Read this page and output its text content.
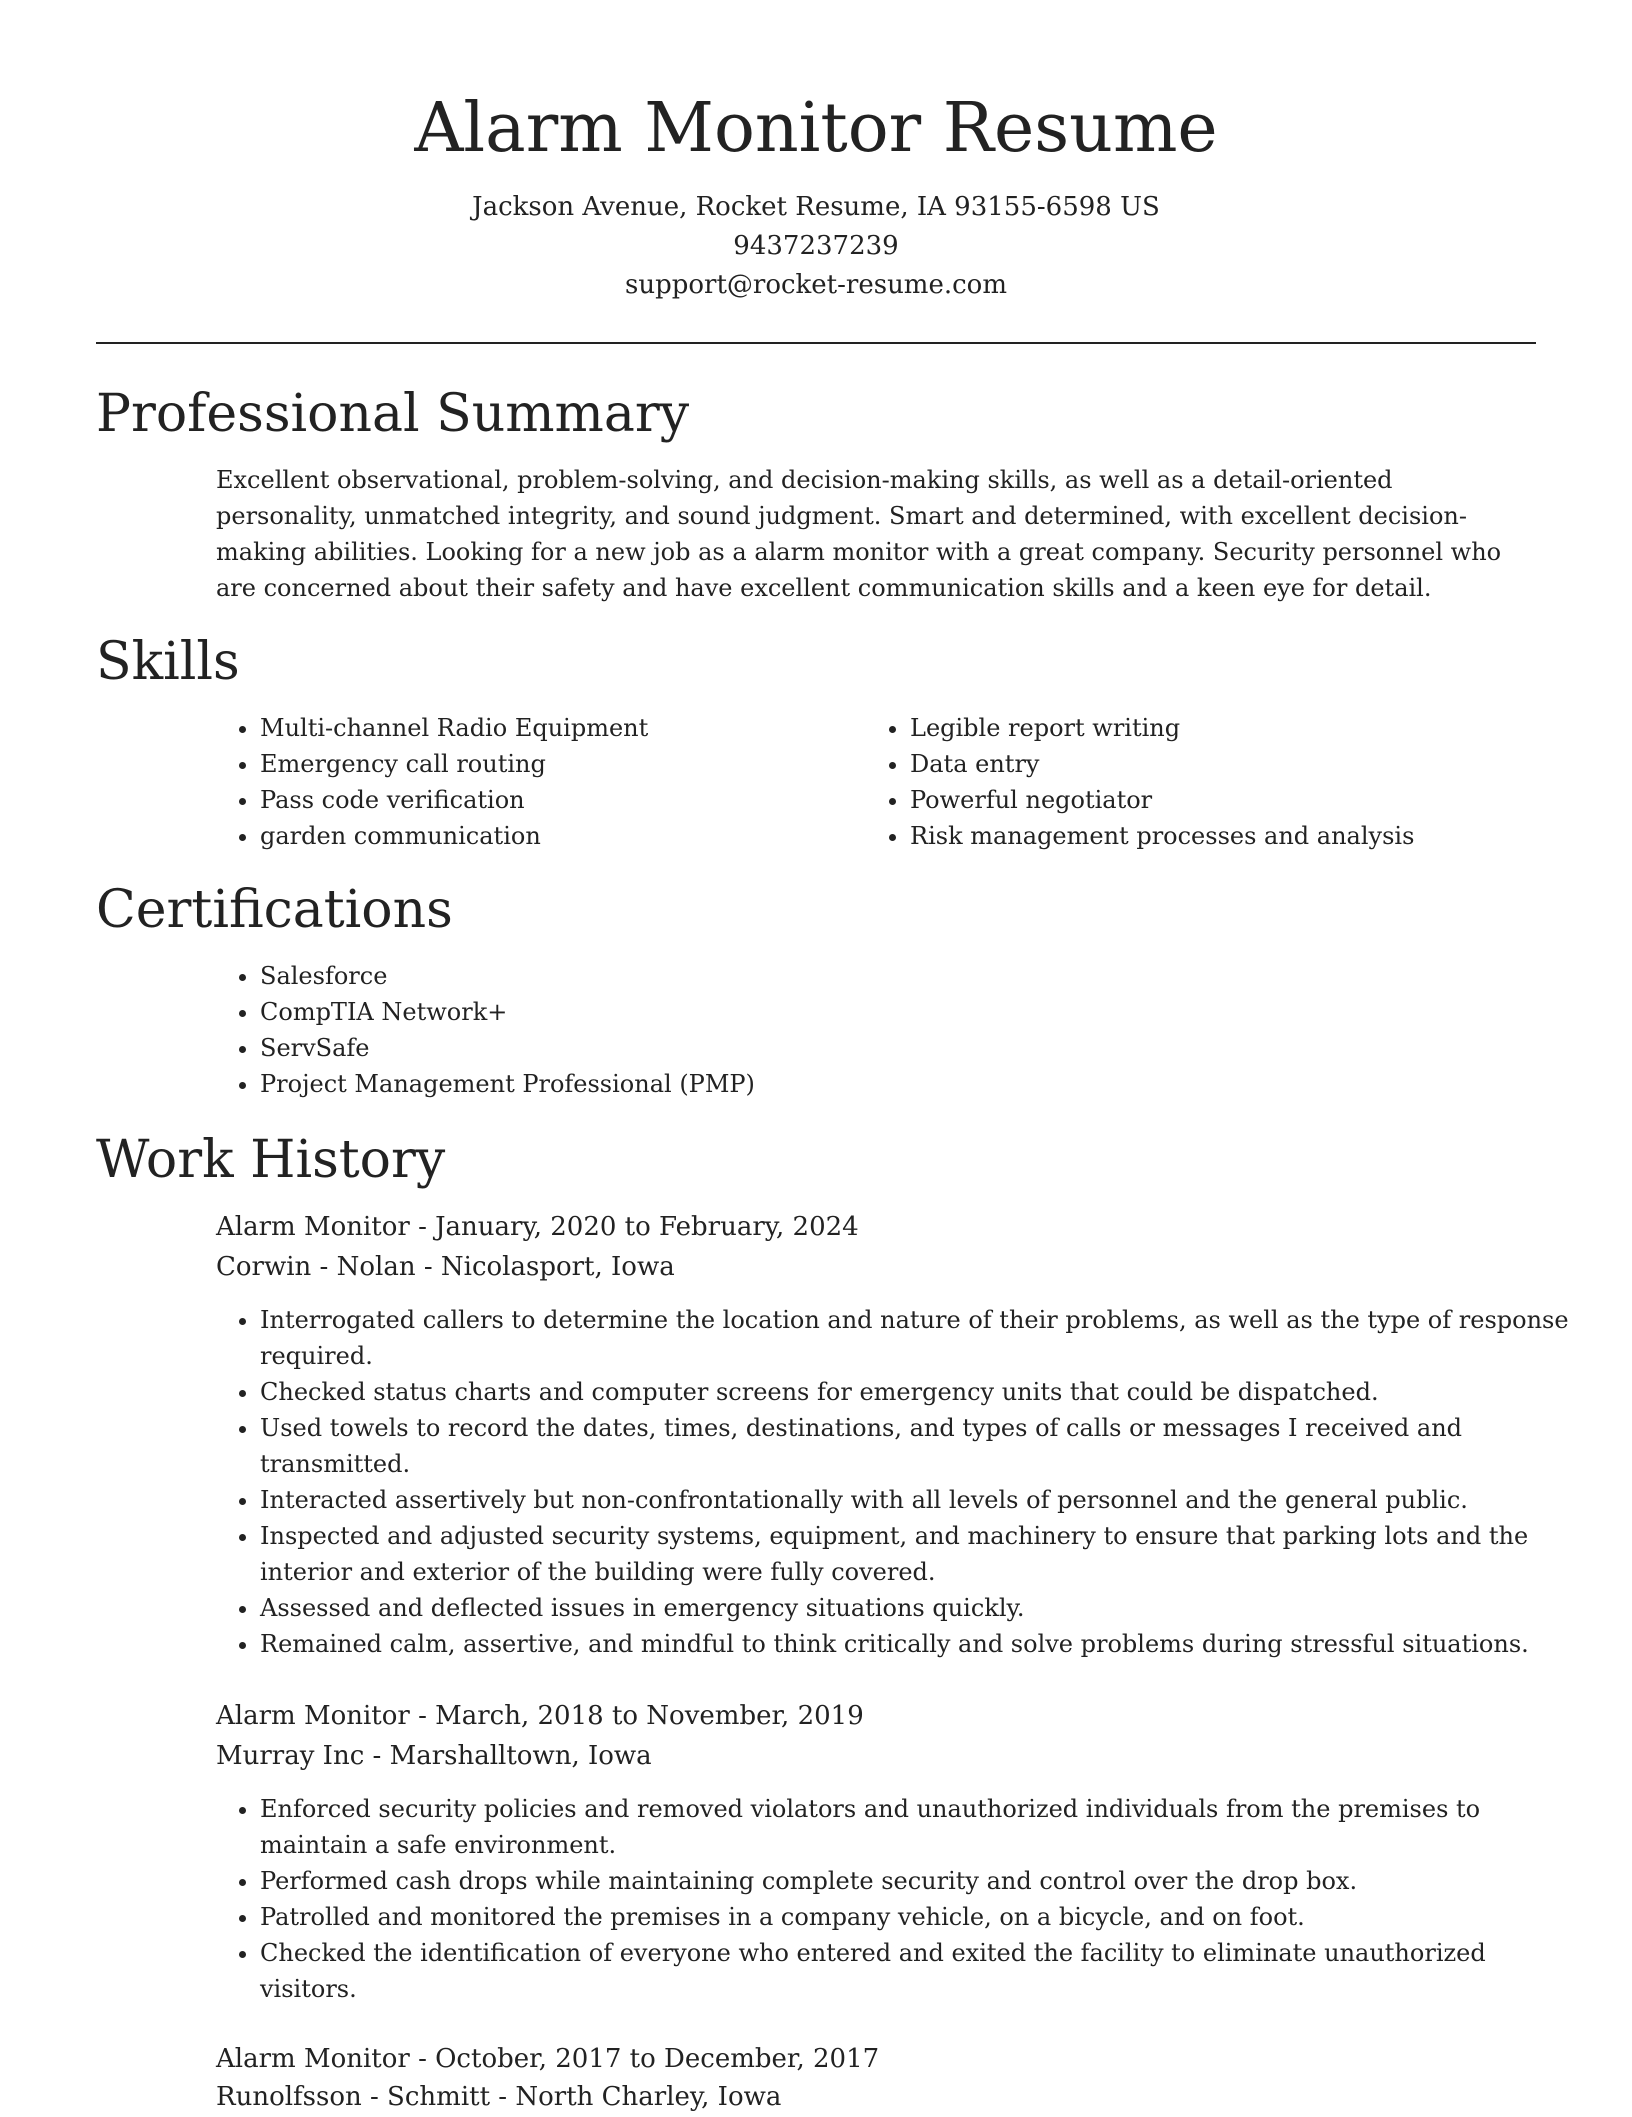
Alarm Monitor Resume

Jackson Avenue, Rocket Resume, IA 93155-6598 US

9437237239

support@rocket-resume.com

Professional Summary

Excellent observational, problem-solving, and decision-making skills, as well as a detail-oriented personality, unmatched integrity, and sound judgment. Smart and determined, with excellent decision-making abilities. Looking for a new job as a alarm monitor with a great company. Security personnel who are concerned about their safety and have excellent communication skills and a keen eye for detail.

Skills
• Multi-channel Radio Equipment
• Emergency call routing
• Pass code verification
• garden communication
• Legible report writing
• Data entry
• Powerful negotiator
• Risk management processes and analysis
Certifications
• Salesforce
• CompTIA Network+
• ServSafe
• Project Management Professional (PMP)
Work History

Alarm Monitor - January, 2020 to February, 2024

Corwin - Nolan - Nicolasport, Iowa

• Interrogated callers to determine the location and nature of their problems, as well as the type of response required.
• Checked status charts and computer screens for emergency units that could be dispatched.
• Used towels to record the dates, times, destinations, and types of calls or messages I received and transmitted.
• Interacted assertively but non-confrontationally with all levels of personnel and the general public.
• Inspected and adjusted security systems, equipment, and machinery to ensure that parking lots and the interior and exterior of the building were fully covered.
• Assessed and deflected issues in emergency situations quickly.
• Remained calm, assertive, and mindful to think critically and solve problems during stressful situations.

Alarm Monitor - March, 2018 to November, 2019

Murray Inc - Marshalltown, Iowa

• Enforced security policies and removed violators and unauthorized individuals from the premises to maintain a safe environment.
• Performed cash drops while maintaining complete security and control over the drop box.
• Patrolled and monitored the premises in a company vehicle, on a bicycle, and on foot.
• Checked the identification of everyone who entered and exited the facility to eliminate unauthorized visitors.

Alarm Monitor - October, 2017 to December, 2017

Runolfsson - Schmitt - North Charley, Iowa
